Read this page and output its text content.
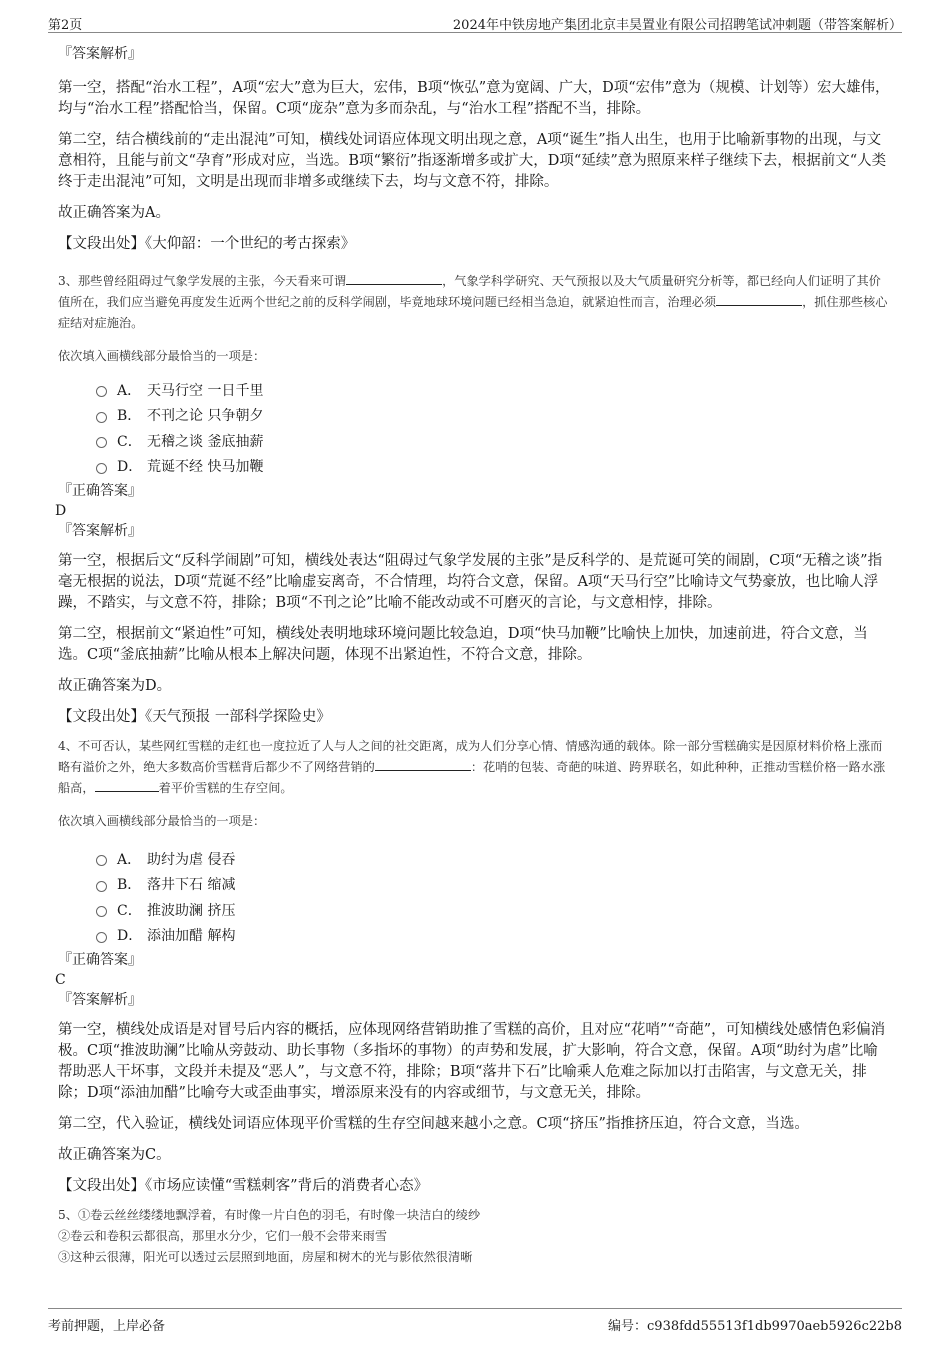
第2页	2024年中铁房地产集团北京丰昊置业有限公司招聘笔试冲刺题（带答案解析）

『答案解析』

第一空，搭配“治水工程”，A项“宏大”意为巨大，宏伟，B项“恢弘”意为宽阔、广大，D项“宏伟”意为（规模、计划等）宏大雄伟，均与“治水工程”搭配恰当，保留。C项“庞杂”意为多而杂乱，与“治水工程”搭配不当，排除。

第二空，结合横线前的“走出混沌”可知，横线处词语应体现文明出现之意，A项“诞生”指人出生，也用于比喻新事物的出现，与文意相符，且能与前文“孕育”形成对应，当选。B项“繁衍”指逐渐增多或扩大，D项“延续”意为照原来样子继续下去，根据前文“人类终于走出混沌”可知，文明是出现而非增多或继续下去，均与文意不符，排除。

故正确答案为A。

【文段出处】《大仰韶：一个世纪的考古探索》

3、那些曾经阻碍过气象学发展的主张，今天看来可谓	，气象学科学研究、天气预报以及大气质量研究分析等，都已经向人们证明了其价值所在，我们应当避免再度发生近两个世纪之前的反科学闹剧，毕竟地球环境问题已经相当急迫，就紧迫性而言，治理必须	，抓住那些核心症结对症施治。

依次填入画横线部分最恰当的一项是：

A． 天马行空 一日千里
B． 不刊之论 只争朝夕
C． 无稽之谈 釜底抽薪
D． 荒诞不经 快马加鞭

『正确答案』

D

『答案解析』

第一空，根据后文“反科学闹剧”可知，横线处表达“阻碍过气象学发展的主张”是反科学的、是荒诞可笑的闹剧，C项“无稽之谈”指毫无根据的说法，D项“荒诞不经”比喻虚妄离奇，不合情理，均符合文意，保留。A项“天马行空”比喻诗文气势豪放，也比喻人浮躁，不踏实，与文意不符，排除；B项“不刊之论”比喻不能改动或不可磨灭的言论，与文意相悖，排除。

第二空，根据前文“紧迫性”可知，横线处表明地球环境问题比较急迫，D项“快马加鞭”比喻快上加快，加速前进，符合文意，当选。C项“釜底抽薪”比喻从根本上解决问题，体现不出紧迫性，不符合文意，排除。

故正确答案为D。

【文段出处】《天气预报 一部科学探险史》

4、不可否认，某些网红雪糕的走红也一度拉近了人与人之间的社交距离，成为人们分享心情、情感沟通的载体。除一部分雪糕确实是因原材料价格上涨而略有溢价之外，绝大多数高价雪糕背后都少不了网络营销的	：花哨的包装、奇葩的味道、跨界联名，如此种种，正推动雪糕价格一路水涨船高，	着平价雪糕的生存空间。

依次填入画横线部分最恰当的一项是：

A． 助纣为虐 侵吞
B． 落井下石 缩减
C． 推波助澜 挤压
D． 添油加醋 解构

『正确答案』

C

『答案解析』

第一空，横线处成语是对冒号后内容的概括，应体现网络营销助推了雪糕的高价，且对应“花哨”“奇葩”，可知横线处感情色彩偏消极。C项“推波助澜”比喻从旁鼓动、助长事物（多指坏的事物）的声势和发展，扩大影响，符合文意，保留。A项“助纣为虐”比喻帮助恶人干坏事，文段并未提及“恶人”，与文意不符，排除；B项“落井下石”比喻乘人危难之际加以打击陷害，与文意无关，排除；D项“添油加醋”比喻夸大或歪曲事实，增添原来没有的内容或细节，与文意无关，排除。

第二空，代入验证，横线处词语应体现平价雪糕的生存空间越来越小之意。C项“挤压”指推挤压迫，符合文意，当选。

故正确答案为C。

【文段出处】《市场应读懂“雪糕刺客”背后的消费者心态》

5、①卷云丝丝缕缕地飘浮着，有时像一片白色的羽毛，有时像一块洁白的绫纱

②卷云和卷积云都很高，那里水分少，它们一般不会带来雨雪

③这种云很薄，阳光可以透过云层照到地面，房屋和树木的光与影依然很清晰

考前押题，上岸必备	编号：c938fdd55513f1db9970aeb5926c22b8
